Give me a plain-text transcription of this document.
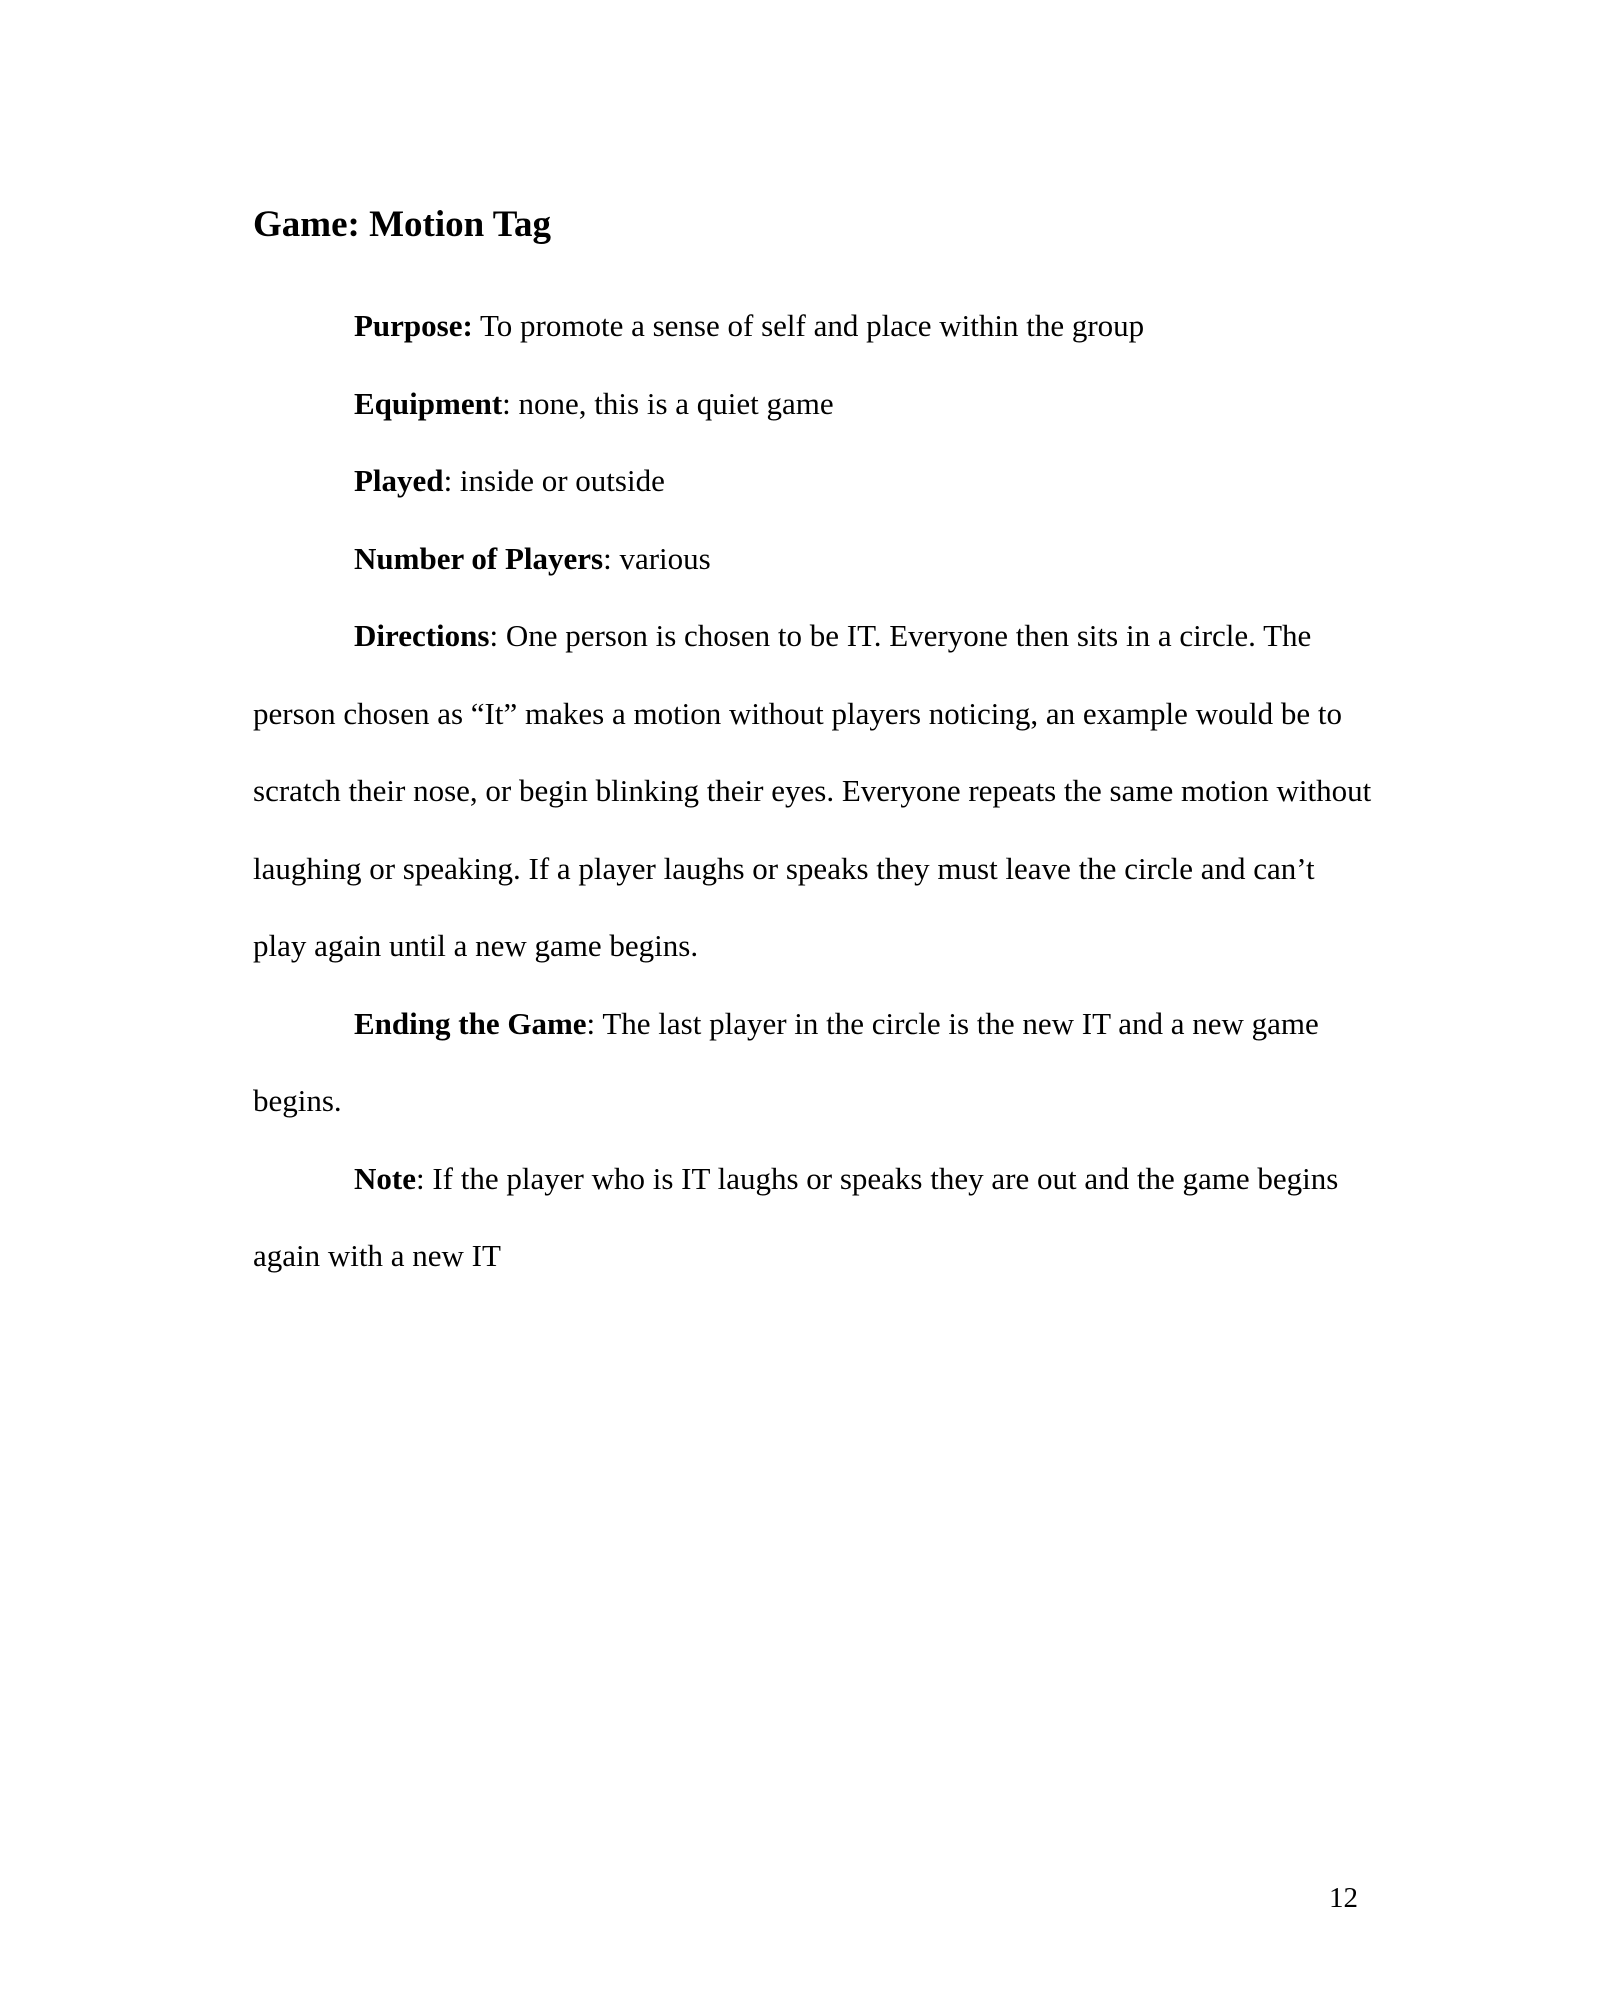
Game: Motion Tag

Purpose: To promote a sense of self and place within the group

Equipment: none, this is a quiet game

Played: inside or outside

Number of Players: various

Directions: One person is chosen to be IT. Everyone then sits in a circle. The person chosen as “It” makes a motion without players noticing, an example would be to scratch their nose, or begin blinking their eyes. Everyone repeats the same motion without laughing or speaking. If a player laughs or speaks they must leave the circle and can’t play again until a new game begins.

Ending the Game: The last player in the circle is the new IT and a new game begins.

Note: If the player who is IT laughs or speaks they are out and the game begins again with a new IT

12
